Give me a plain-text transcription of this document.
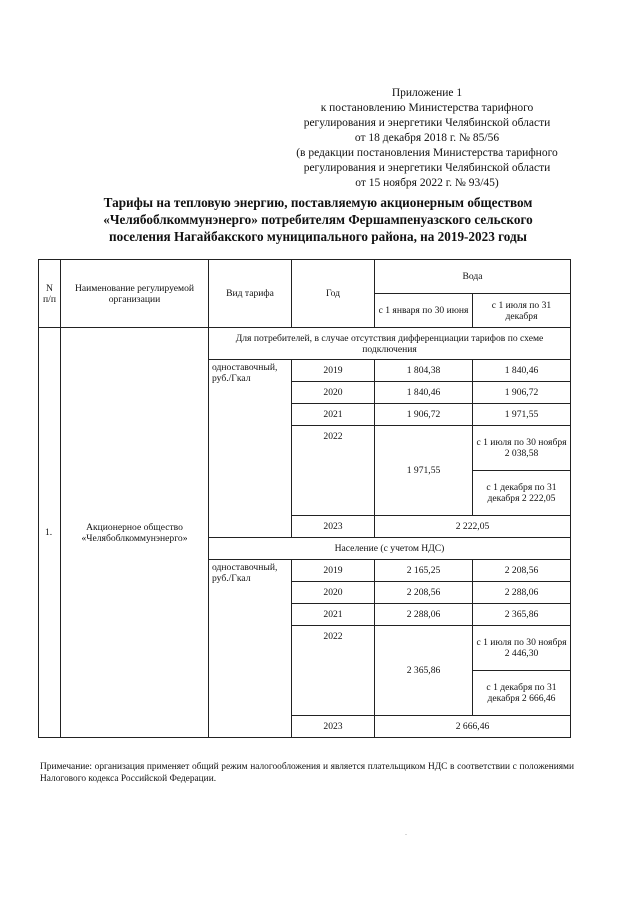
Приложение 1
к постановлению Министерства тарифного
регулирования и энергетики Челябинской области
от 18 декабря 2018 г. № 85/56
(в редакции постановления Министерства тарифного
регулирования и энергетики Челябинской области
от 15 ноября 2022 г. № 93/45)
Тарифы на тепловую энергию, поставляемую акционерным обществом
«Челябоблкоммунэнерго» потребителям Фершампенуазского сельского
поселения Нагайбакского муниципального района, на 2019-2023 годы
N п/п	Наименование регулируемой организации	Вид тарифа	Год	Вода	
				с 1 января по 30 июня	с 1 июля по 31 декабря
1.	Акционерное общество «Челябоблкоммунэнерго»	Для потребителей, в случае отсутствия дифференциации тарифов по схеме подключения			
		одноставочный, руб./Гкал	2019	1 804,38	1 840,46
			2020	1 840,46	1 906,72
			2021	1 906,72	1 971,55
			2022	1 971,55	с 1 июля по 30 ноября 2 038,58
					с 1 декабря по 31 декабря 2 222,05
			2023	2 222,05	
		Население (с учетом НДС)			
		одноставочный, руб./Гкал	2019	2 165,25	2 208,56
			2020	2 208,56	2 288,06
			2021	2 288,06	2 365,86
			2022	2 365,86	с 1 июля по 30 ноября 2 446,30
					с 1 декабря по 31 декабря 2 666,46
			2023	2 666,46	
Примечание: организация применяет общий режим налогообложения и является плательщиком НДС в соответствии с положениями Налогового кодекса Российской Федерации.
.
